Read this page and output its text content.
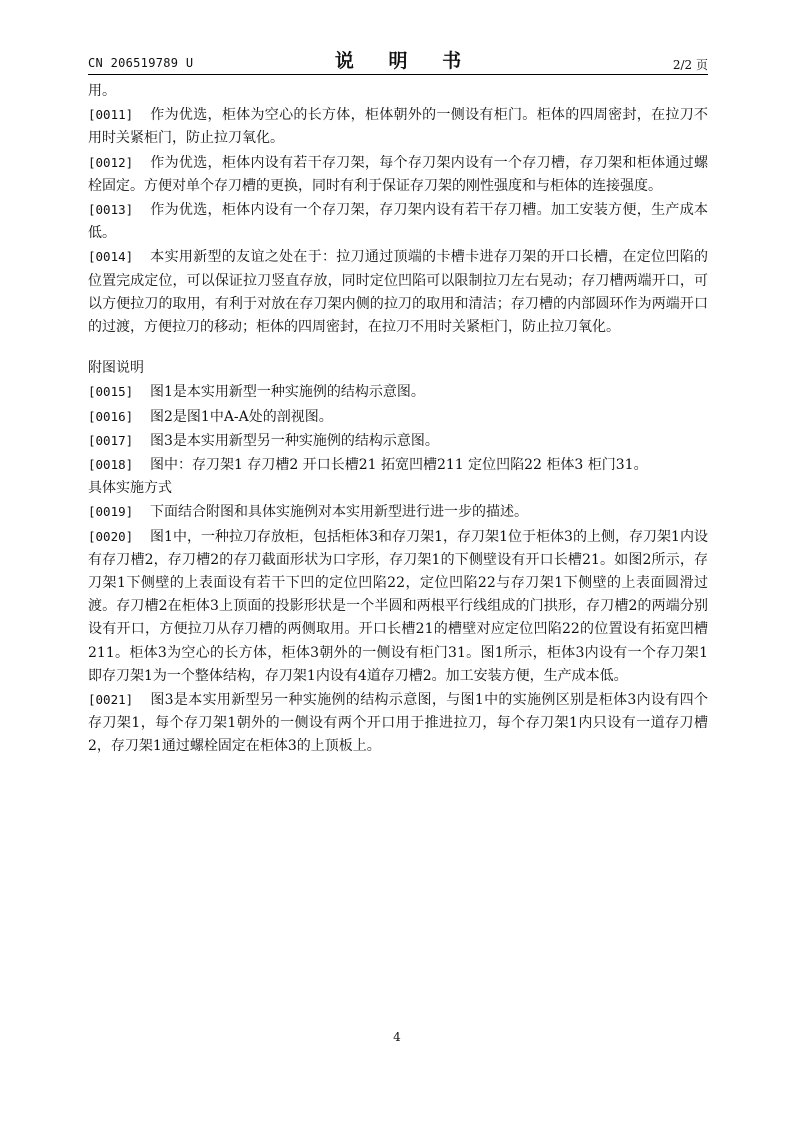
CN 206519789 U	说 明 书	2/2 页

用。

[0011] 作为优选，柜体为空心的长方体，柜体朝外的一侧设有柜门。柜体的四周密封，在拉刀不用时关紧柜门，防止拉刀氧化。

[0012] 作为优选，柜体内设有若干存刀架，每个存刀架内设有一个存刀槽，存刀架和柜体通过螺栓固定。方便对单个存刀槽的更换，同时有利于保证存刀架的刚性强度和与柜体的连接强度。

[0013] 作为优选，柜体内设有一个存刀架，存刀架内设有若干存刀槽。加工安装方便，生产成本低。

[0014] 本实用新型的友谊之处在于：拉刀通过顶端的卡槽卡进存刀架的开口长槽，在定位凹陷的位置完成定位，可以保证拉刀竖直存放，同时定位凹陷可以限制拉刀左右晃动；存刀槽两端开口，可以方便拉刀的取用，有利于对放在存刀架内侧的拉刀的取用和清洁；存刀槽的内部圆环作为两端开口的过渡，方便拉刀的移动；柜体的四周密封，在拉刀不用时关紧柜门，防止拉刀氧化。

附图说明

[0015] 图1是本实用新型一种实施例的结构示意图。

[0016] 图2是图1中A-A处的剖视图。

[0017] 图3是本实用新型另一种实施例的结构示意图。

[0018] 图中：存刀架1 存刀槽2 开口长槽21 拓宽凹槽211 定位凹陷22 柜体3 柜门31。

具体实施方式

[0019] 下面结合附图和具体实施例对本实用新型进行进一步的描述。

[0020] 图1中，一种拉刀存放柜，包括柜体3和存刀架1，存刀架1位于柜体3的上侧，存刀架1内设有存刀槽2，存刀槽2的存刀截面形状为口字形，存刀架1的下侧壁设有开口长槽21。如图2所示，存刀架1下侧壁的上表面设有若干下凹的定位凹陷22，定位凹陷22与存刀架1下侧壁的上表面圆滑过渡。存刀槽2在柜体3上顶面的投影形状是一个半圆和两根平行线组成的门拱形，存刀槽2的两端分别设有开口，方便拉刀从存刀槽的两侧取用。开口长槽21的槽壁对应定位凹陷22的位置设有拓宽凹槽211。柜体3为空心的长方体，柜体3朝外的一侧设有柜门31。图1所示，柜体3内设有一个存刀架1即存刀架1为一个整体结构，存刀架1内设有4道存刀槽2。加工安装方便，生产成本低。

[0021] 图3是本实用新型另一种实施例的结构示意图，与图1中的实施例区别是柜体3内设有四个存刀架1，每个存刀架1朝外的一侧设有两个开口用于推进拉刀，每个存刀架1内只设有一道存刀槽2，存刀架1通过螺栓固定在柜体3的上顶板上。

4
